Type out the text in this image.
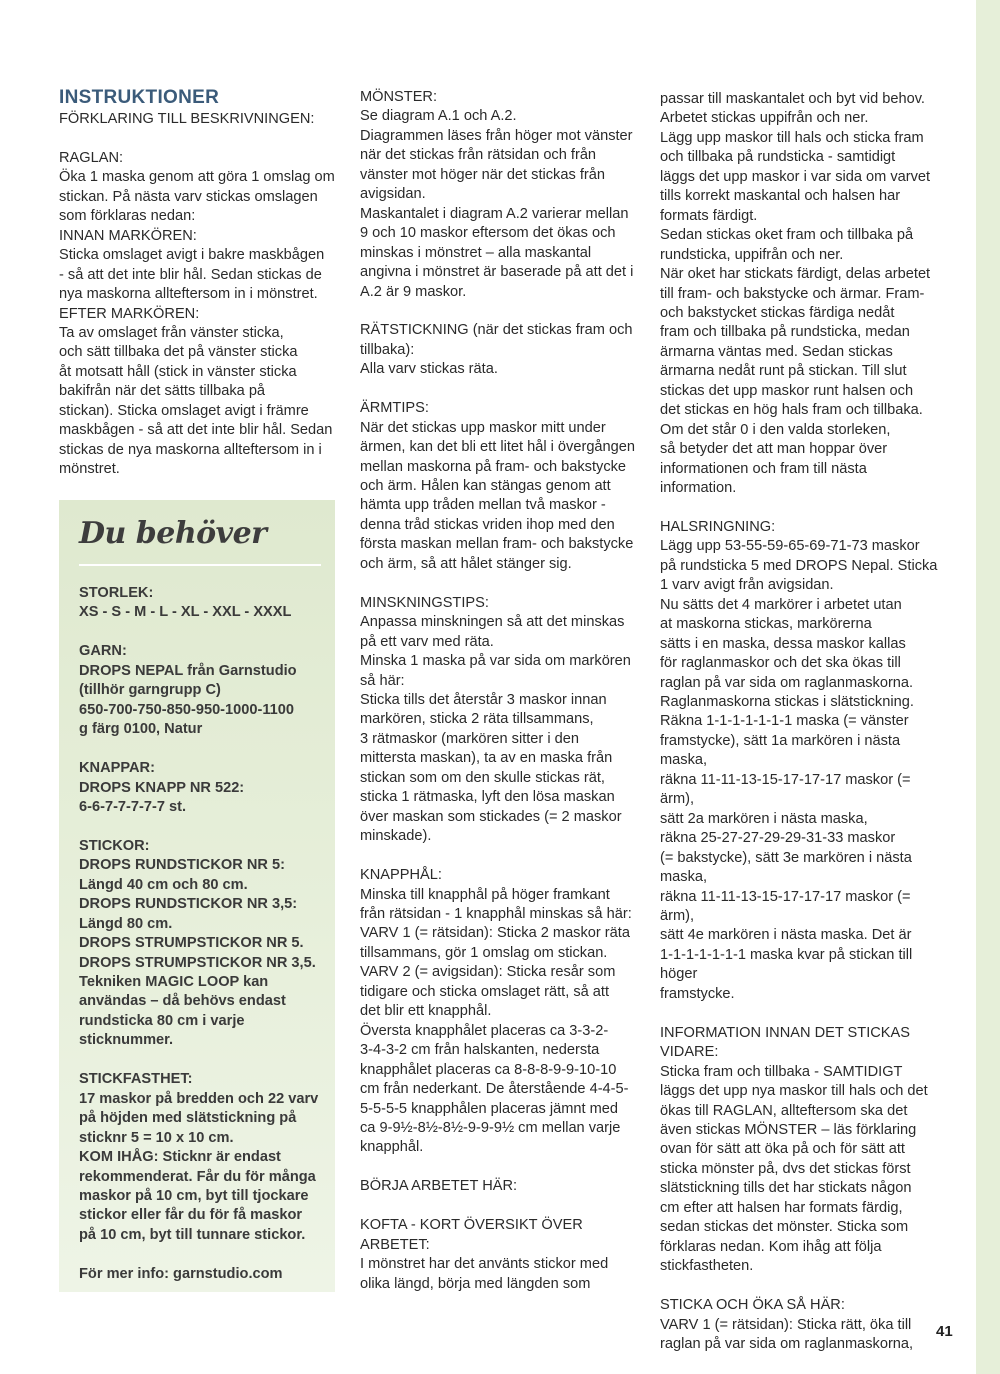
INSTRUKTIONER

FÖRKLARING TILL BESKRIVNINGEN:

RAGLAN:

Öka 1 maska genom att göra 1 omslag om

stickan. På nästa varv stickas omslagen

som förklaras nedan:

INNAN MARKÖREN:

Sticka omslaget avigt i bakre maskbågen

- så att det inte blir hål. Sedan stickas de

nya maskorna allteftersom in i mönstret.

EFTER MARKÖREN:

Ta av omslaget från vänster sticka,

och sätt tillbaka det på vänster sticka

åt motsatt håll (stick in vänster sticka

bakifrån när det sätts tillbaka på

stickan). Sticka omslaget avigt i främre

maskbågen - så att det inte blir hål. Sedan

stickas de nya maskorna allteftersom in i

mönstret.

Du behöver

STORLEK:

XS - S - M - L - XL - XXL - XXXL

GARN:

DROPS NEPAL från Garnstudio

(tillhör garngrupp C)

650-700-750-850-950-1000-1100

g färg 0100, Natur

KNAPPAR:

DROPS KNAPP NR 522:

6-6-7-7-7-7-7 st.

STICKOR:

DROPS RUNDSTICKOR NR 5:

Längd 40 cm och 80 cm.

DROPS RUNDSTICKOR NR 3,5:

Längd 80 cm.

DROPS STRUMPSTICKOR NR 5.

DROPS STRUMPSTICKOR NR 3,5.

Tekniken MAGIC LOOP kan

användas – då behövs endast

rundsticka 80 cm i varje

sticknummer.

STICKFASTHET:

17 maskor på bredden och 22 varv

på höjden med slätstickning på

sticknr 5 = 10 x 10 cm.

KOM IHÅG: Sticknr är endast

rekommenderat. Får du för många

maskor på 10 cm, byt till tjockare

stickor eller får du för få maskor

på 10 cm, byt till tunnare stickor.

För mer info: garnstudio.com

MÖNSTER:

Se diagram A.1 och A.2.

Diagrammen läses från höger mot vänster

när det stickas från rätsidan och från

vänster mot höger när det stickas från

avigsidan.

Maskantalet i diagram A.2 varierar mellan

9 och 10 maskor eftersom det ökas och

minskas i mönstret – alla maskantal

angivna i mönstret är baserade på att det i

A.2 är 9 maskor.

RÄTSTICKNING (när det stickas fram och

tillbaka):

Alla varv stickas räta.

ÄRMTIPS:

När det stickas upp maskor mitt under

ärmen, kan det bli ett litet hål i övergången

mellan maskorna på fram- och bakstycke

och ärm. Hålen kan stängas genom att

hämta upp tråden mellan två maskor -

denna tråd stickas vriden ihop med den

första maskan mellan fram- och bakstycke

och ärm, så att hålet stänger sig.

MINSKNINGSTIPS:

Anpassa minskningen så att det minskas

på ett varv med räta.

Minska 1 maska på var sida om markören

så här:

Sticka tills det återstår 3 maskor innan

markören, sticka 2 räta tillsammans,

3 rätmaskor (markören sitter i den

mittersta maskan), ta av en maska från

stickan som om den skulle stickas rät,

sticka 1 rätmaska, lyft den lösa maskan

över maskan som stickades (= 2 maskor

minskade).

KNAPPHÅL:

Minska till knapphål på höger framkant

från rätsidan - 1 knapphål minskas så här:

VARV 1 (= rätsidan): Sticka 2 maskor räta

tillsammans, gör 1 omslag om stickan.

VARV 2 (= avigsidan): Sticka resår som

tidigare och sticka omslaget rätt, så att

det blir ett knapphål.

Översta knapphålet placeras ca 3-3-2-

3-4-3-2 cm från halskanten, nedersta

knapphålet placeras ca 8-8-8-9-9-10-10

cm från nederkant. De återstående 4-4-5-

5-5-5-5 knapphålen placeras jämnt med

ca 9-9½-8½-8½-9-9-9½ cm mellan varje

knapphål.

BÖRJA ARBETET HÄR:

KOFTA - KORT ÖVERSIKT ÖVER

ARBETET:

I mönstret har det använts stickor med

olika längd, börja med längden som

passar till maskantalet och byt vid behov.

Arbetet stickas uppifrån och ner.

Lägg upp maskor till hals och sticka fram

och tillbaka på rundsticka - samtidigt

läggs det upp maskor i var sida om varvet

tills korrekt maskantal och halsen har

formats färdigt.

Sedan stickas oket fram och tillbaka på

rundsticka, uppifrån och ner.

När oket har stickats färdigt, delas arbetet

till fram- och bakstycke och ärmar. Fram-

och bakstycket stickas färdiga nedåt

fram och tillbaka på rundsticka, medan

ärmarna väntas med. Sedan stickas

ärmarna nedåt runt på stickan. Till slut

stickas det upp maskor runt halsen och

det stickas en hög hals fram och tillbaka.

Om det står 0 i den valda storleken,

så betyder det att man hoppar över

informationen och fram till nästa

information.

HALSRINGNING:

Lägg upp 53-55-59-65-69-71-73 maskor

på rundsticka 5 med DROPS Nepal. Sticka

1 varv avigt från avigsidan.

Nu sätts det 4 markörer i arbetet utan

at maskorna stickas, markörerna

sätts i en maska, dessa maskor kallas

för raglanmaskor och det ska ökas till

raglan på var sida om raglanmaskorna.

Raglanmaskorna stickas i slätstickning.

Räkna 1-1-1-1-1-1-1 maska (= vänster

framstycke), sätt 1a markören i nästa

maska,

räkna 11-11-13-15-17-17-17 maskor (= ärm),

sätt 2a markören i nästa maska,

räkna 25-27-27-29-29-31-33 maskor

(= bakstycke), sätt 3e markören i nästa

maska,

räkna 11-11-13-15-17-17-17 maskor (= ärm),

sätt 4e markören i nästa maska. Det är

1-1-1-1-1-1-1 maska kvar på stickan till höger

framstycke.

INFORMATION INNAN DET STICKAS

VIDARE:

Sticka fram och tillbaka - SAMTIDIGT

läggs det upp nya maskor till hals och det

ökas till RAGLAN, allteftersom ska det

även stickas MÖNSTER – läs förklaring

ovan för sätt att öka på och för sätt att

sticka mönster på, dvs det stickas först

slätstickning tills det har stickats någon

cm efter att halsen har formats färdig,

sedan stickas det mönster. Sticka som

förklaras nedan. Kom ihåg att följa

stickfastheten.

STICKA OCH ÖKA SÅ HÄR:

VARV 1 (= rätsidan): Sticka rätt, öka till

raglan på var sida om raglanmaskorna,

41
